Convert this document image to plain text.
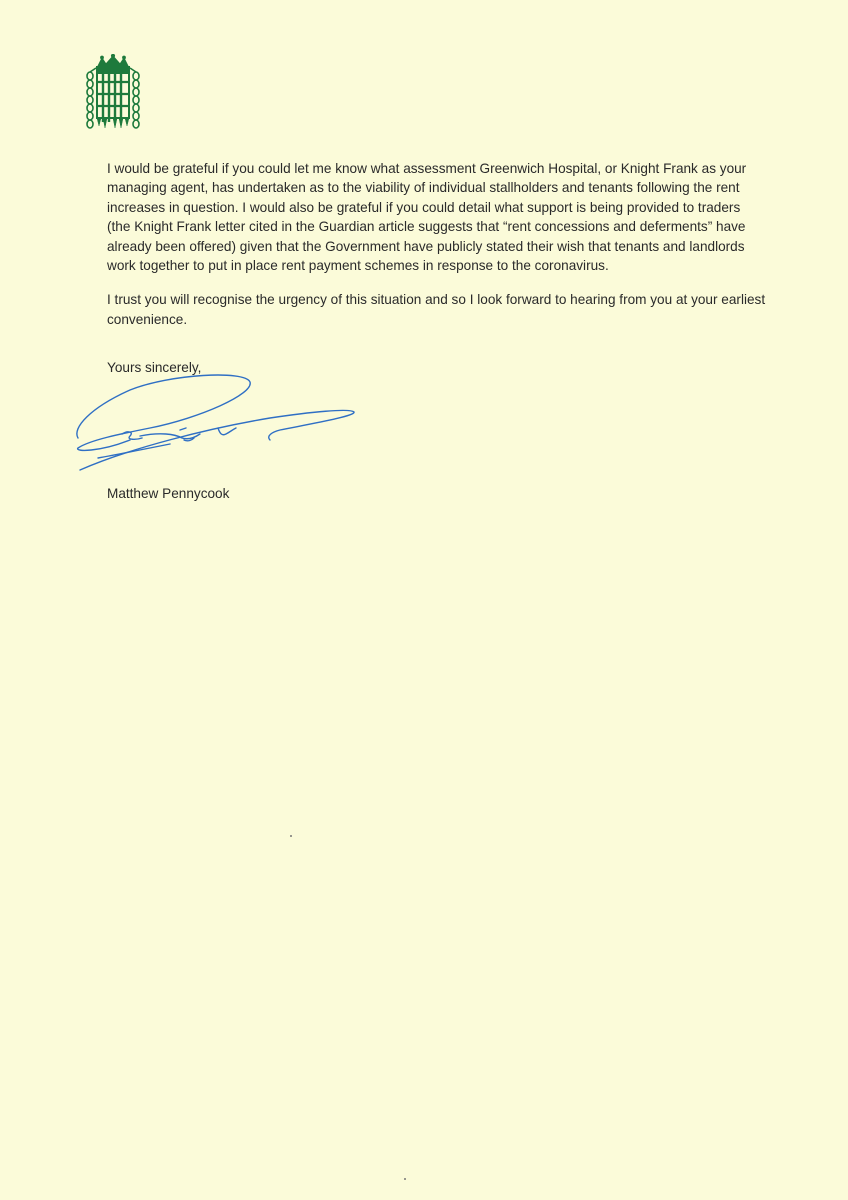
I would be grateful if you could let me know what assessment Greenwich Hospital, or Knight Frank as your managing agent, has undertaken as to the viability of individual stallholders and tenants following the rent increases in question. I would also be grateful if you could detail what support is being provided to traders (the Knight Frank letter cited in the Guardian article suggests that “rent concessions and deferments” have already been offered) given that the Government have publicly stated their wish that tenants and landlords work together to put in place rent payment schemes in response to the coronavirus.

I trust you will recognise the urgency of this situation and so I look forward to hearing from you at your earliest convenience.

Yours sincerely,
Matthew Pennycook
